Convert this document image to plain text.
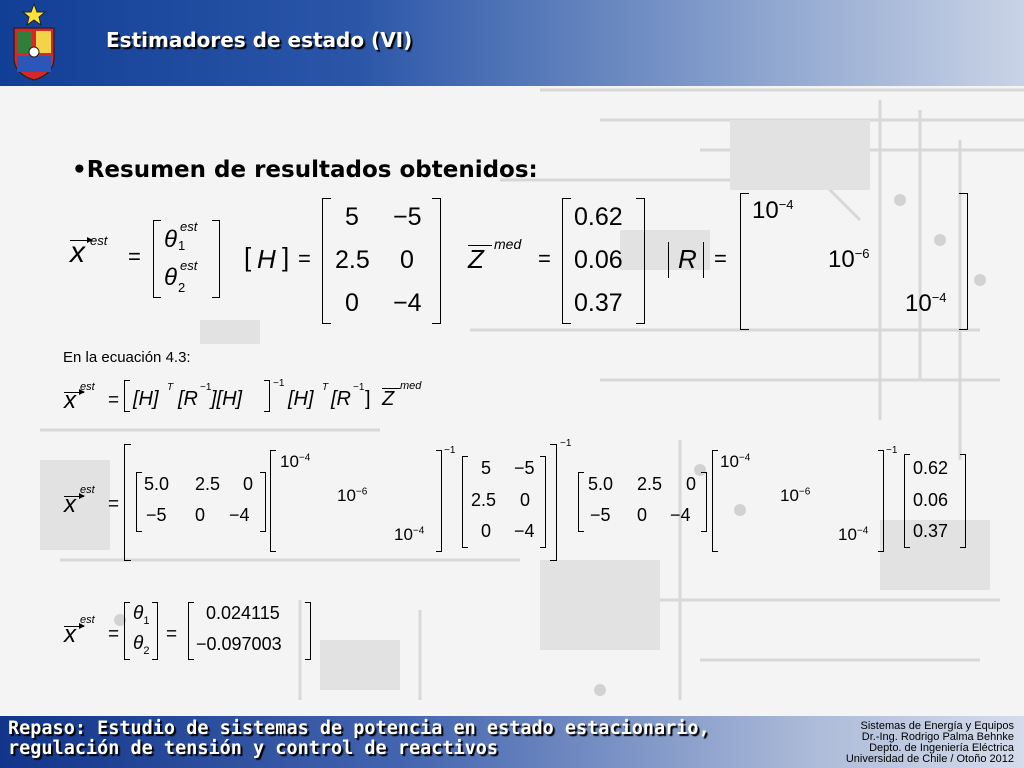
Estimadores de estado (VI)
•Resumen de resultados obtenidos:
x est
=
θ est
1
θ est
2
[ H ] =
5 −5
2.5 0
0 −4
Z med
=
0.62
0.06
0.37
R =
$10^{-4}$
$10^{-6}$
$10^{-4}$
En la ecuación 4.3:
x est
= [H]
T
[R
−1
][H]
−1
[H]
T
[R
−1
] Z
med
x
est
=
5.0 2.5 0
−5 0 −4
$10^{-4}$
$10^{-6}$
$10^{-4}$
−1
5 −5
2.5 0
0 −4
−1
5.0 2.5 0
−5 0 −4
$10^{-4}$
$10^{-6}$
$10^{-4}$
−1
0.62
0.06
0.37
x
est
=
$\theta_1$
$\theta_2$
=
0.024115
−0.097003
Repaso: Estudio de sistemas de potencia en estado estacionario,
regulación de tensión y control de reactivos
Sistemas de Energía y Equipos
Dr.-Ing. Rodrigo Palma Behnke
Depto. de Ingeniería Eléctrica
Universidad de Chile / Otoño 2012
